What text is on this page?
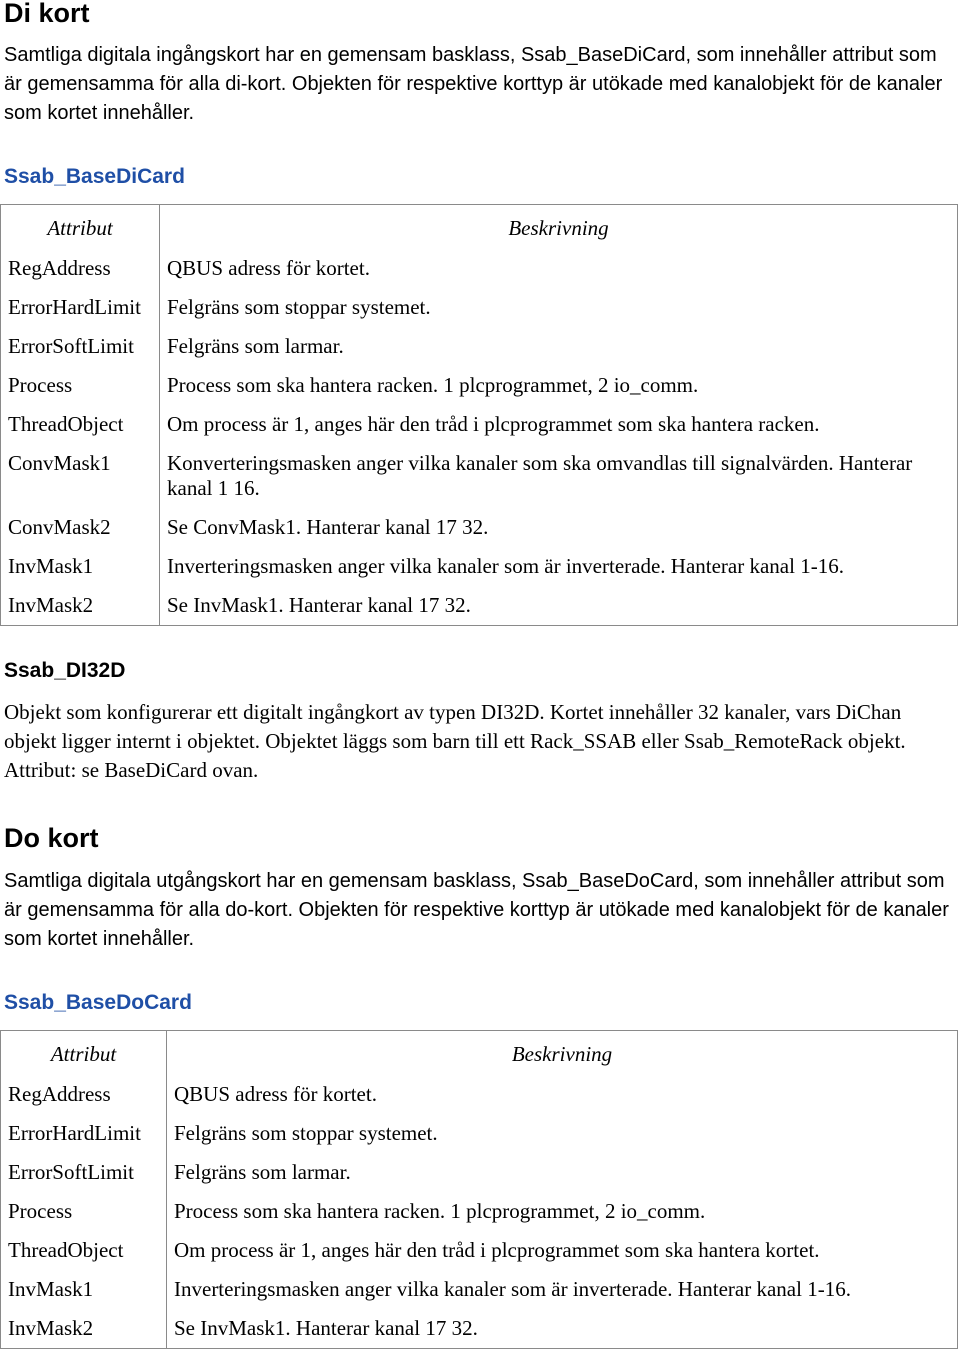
Di kort

Samtliga digitala ingångskort har en gemensam basklass, Ssab_BaseDiCard, som innehåller attribut som är gemensamma för alla di-kort. Objekten för respektive korttyp är utökade med kanalobjekt för de kanaler som kortet innehåller.

Ssab_BaseDiCard
Attribut	Beskrivning
RegAddress	QBUS adress för kortet.
ErrorHardLimit	Felgräns som stoppar systemet.
ErrorSoftLimit	Felgräns som larmar.
Process	Process som ska hantera racken. 1 plcprogrammet, 2 io_comm.
ThreadObject	Om process är 1, anges här den tråd i plcprogrammet som ska hantera racken.
ConvMask1	Konverteringsmasken anger vilka kanaler som ska omvandlas till signalvärden. Hanterar kanal 1 16.
ConvMask2	Se ConvMask1. Hanterar kanal 17 32.
InvMask1	Inverteringsmasken anger vilka kanaler som är inverterade. Hanterar kanal 1-16.
InvMask2	Se InvMask1. Hanterar kanal 17 32.
Ssab_DI32D

Objekt som konfigurerar ett digitalt ingångkort av typen DI32D. Kortet innehåller 32 kanaler, vars DiChan objekt ligger internt i objektet. Objektet läggs som barn till ett Rack_SSAB eller Ssab_RemoteRack objekt. Attribut: se BaseDiCard ovan.

Do kort

Samtliga digitala utgångskort har en gemensam basklass, Ssab_BaseDoCard, som innehåller attribut som är gemensamma för alla do-kort. Objekten för respektive korttyp är utökade med kanalobjekt för de kanaler som kortet innehåller.

Ssab_BaseDoCard
Attribut	Beskrivning
RegAddress	QBUS adress för kortet.
ErrorHardLimit	Felgräns som stoppar systemet.
ErrorSoftLimit	Felgräns som larmar.
Process	Process som ska hantera racken. 1 plcprogrammet, 2 io_comm.
ThreadObject	Om process är 1, anges här den tråd i plcprogrammet som ska hantera kortet.
InvMask1	Inverteringsmasken anger vilka kanaler som är inverterade. Hanterar kanal 1-16.
InvMask2	Se InvMask1. Hanterar kanal 17 32.
